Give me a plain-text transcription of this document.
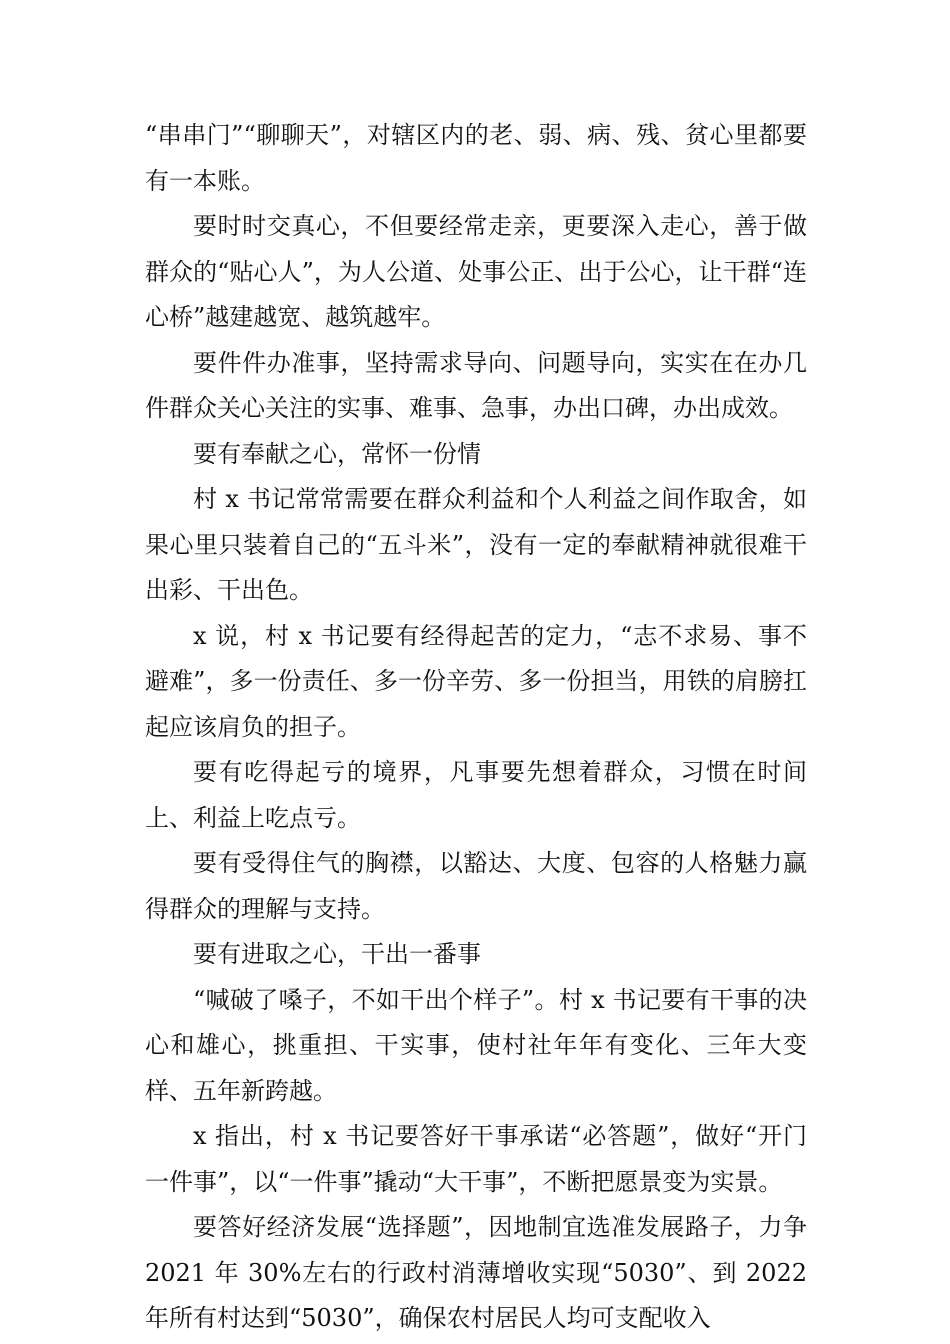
“串串门”“聊聊天”，对辖区内的老、弱、病、残、贫心里都要有一本账。

要时时交真心，不但要经常走亲，更要深入走心，善于做群众的“贴心人”，为人公道、处事公正、出于公心，让干群“连心桥”越建越宽、越筑越牢。

要件件办准事，坚持需求导向、问题导向，实实在在办几件群众关心关注的实事、难事、急事，办出口碑，办出成效。

要有奉献之心，常怀一份情

村 x 书记常常需要在群众利益和个人利益之间作取舍，如果心里只装着自己的“五斗米”，没有一定的奉献精神就很难干出彩、干出色。

x 说，村 x 书记要有经得起苦的定力，“志不求易、事不避难”，多一份责任、多一份辛劳、多一份担当，用铁的肩膀扛起应该肩负的担子。

要有吃得起亏的境界，凡事要先想着群众，习惯在时间上、利益上吃点亏。

要有受得住气的胸襟，以豁达、大度、包容的人格魅力赢得群众的理解与支持。

要有进取之心，干出一番事

“喊破了嗓子，不如干出个样子”。村 x 书记要有干事的决心和雄心，挑重担、干实事，使村社年年有变化、三年大变样、五年新跨越。

x 指出，村 x 书记要答好干事承诺“必答题”，做好“开门一件事”，以“一件事”撬动“大干事”，不断把愿景变为实景。

要答好经济发展“选择题”，因地制宜选准发展路子，力争 2021 年 30%左右的行政村消薄增收实现“5030”、到 2022 年所有村达到“5030”，确保农村居民人均可支配收入
